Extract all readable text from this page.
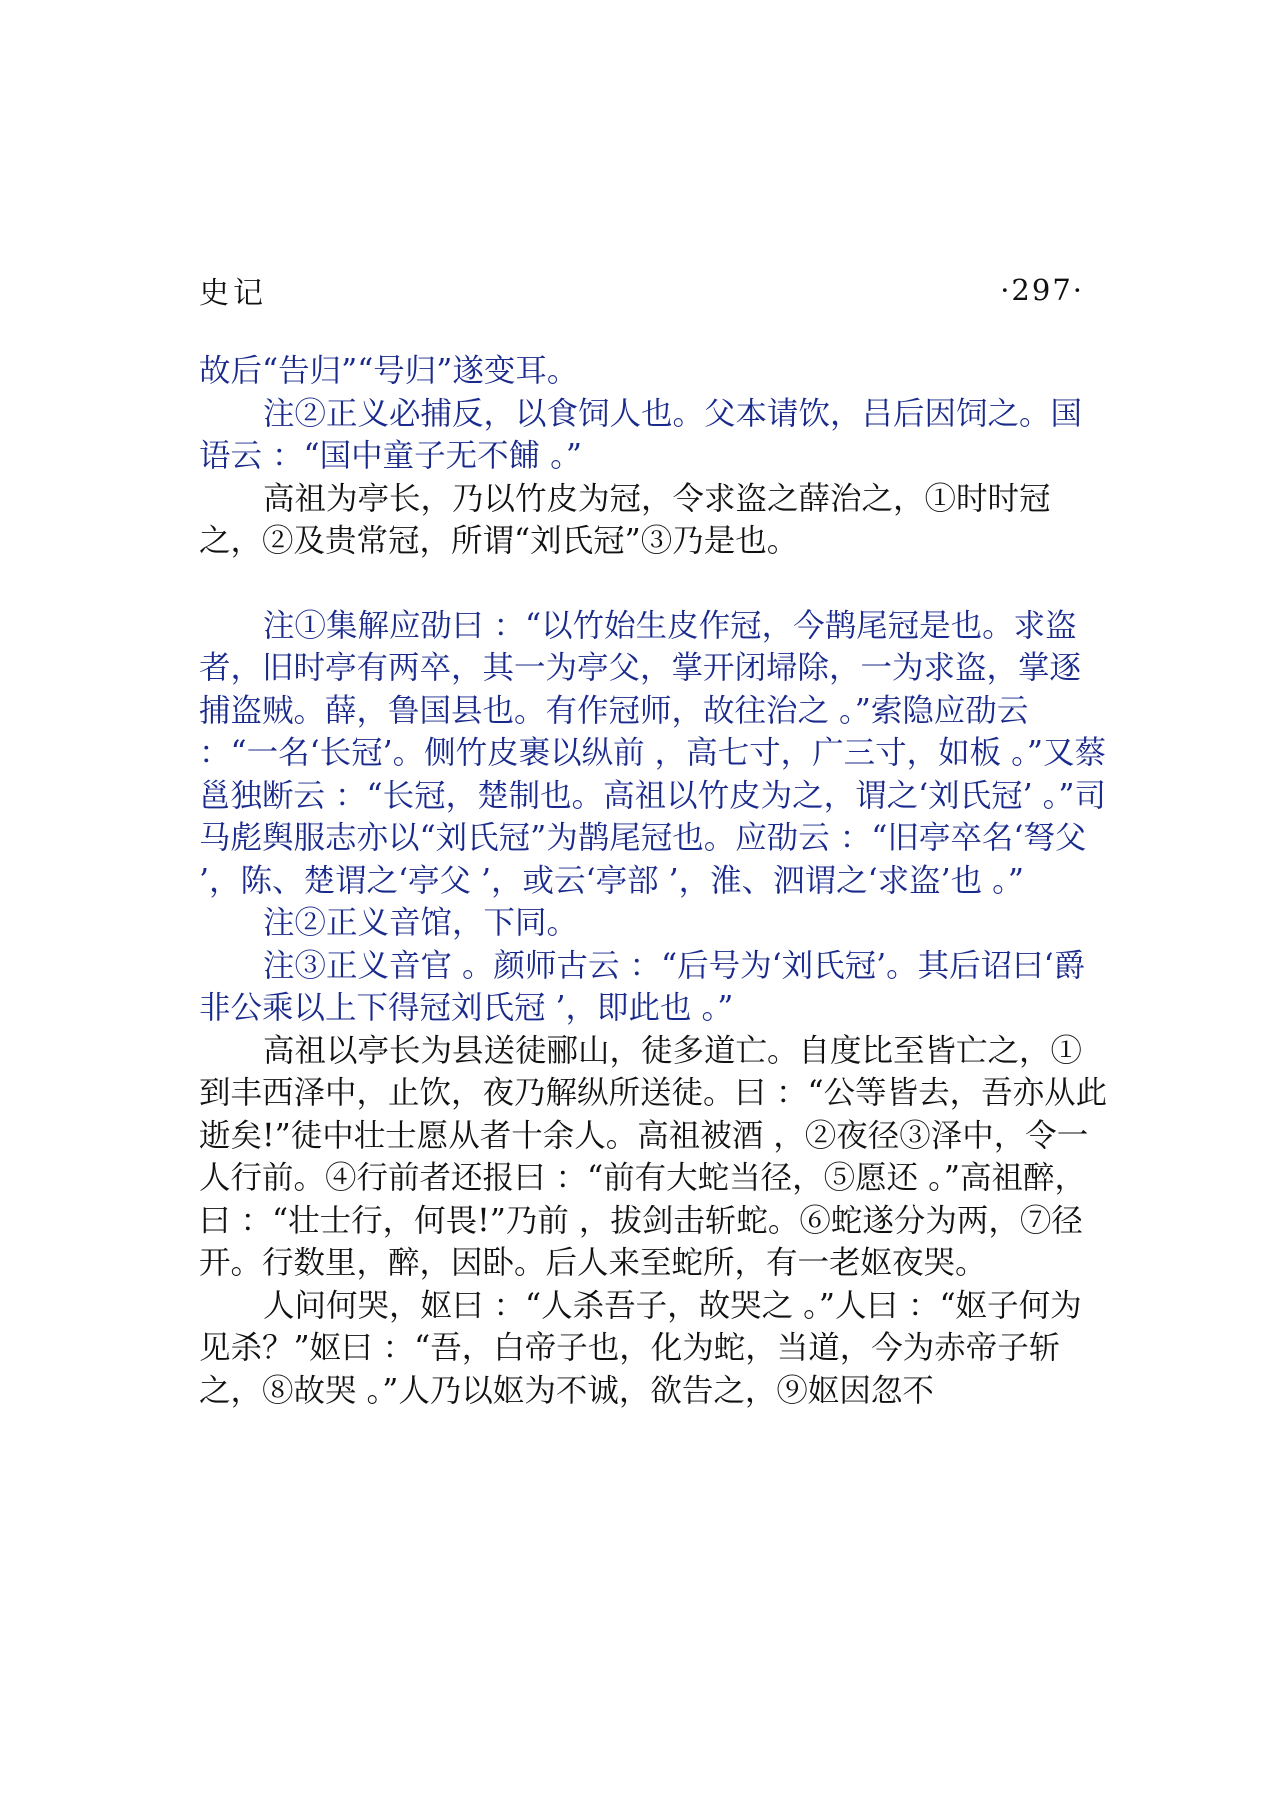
史记	·297·

故后“告归”“号归”遂变耳。

注②正义必捕反，以食饲人也。父本请饮，吕后因饲之。国语云 ：“国中童子无不餔 。”

高祖为亭长，乃以竹皮为冠，令求盗之薛治之，①时时冠之，②及贵常冠，所谓“刘氏冠”③乃是也。

注①集解应劭曰 ：“以竹始生皮作冠，今鹊尾冠是也。求盗者，旧时亭有两卒，其一为亭父，掌开闭埽除，一为求盗，掌逐捕盗贼。薛，鲁国县也。有作冠师，故往治之 。”索隐应劭云 ：“一名‘长冠’。侧竹皮裹以纵前 ，高七寸，广三寸，如板 。”又蔡邕独断云 ：“长冠，楚制也。高祖以竹皮为之，谓之‘刘氏冠’ 。”司马彪舆服志亦以“刘氏冠”为鹊尾冠也。应劭云 ：“旧亭卒名‘弩父 ’，陈、楚谓之‘亭父 ’，或云‘亭部 ’，淮、泗谓之‘求盗’也 。”

注②正义音馆，下同。

注③正义音官 。颜师古云 ：“后号为‘刘氏冠’。其后诏曰‘爵非公乘以上下得冠刘氏冠 ’，即此也 。”

高祖以亭长为县送徒郦山，徒多道亡。自度比至皆亡之，①到丰西泽中，止饮，夜乃解纵所送徒。曰 ：“公等皆去，吾亦从此逝矣!”徒中壮士愿从者十余人。高祖被酒 ，②夜径③泽中，令一人行前。④行前者还报曰 ：“前有大蛇当径，⑤愿还 。”高祖醉，曰 ：“壮士行，何畏!”乃前 ，拔剑击斩蛇。⑥蛇遂分为两，⑦径开。行数里，醉，因卧。后人来至蛇所，有一老妪夜哭。

人问何哭，妪曰 ：“人杀吾子，故哭之 。”人曰 ：“妪子何为见杀？”妪曰 ：“吾，白帝子也，化为蛇，当道，今为赤帝子斩之，⑧故哭 。”人乃以妪为不诚，欲告之，⑨妪因忽不
